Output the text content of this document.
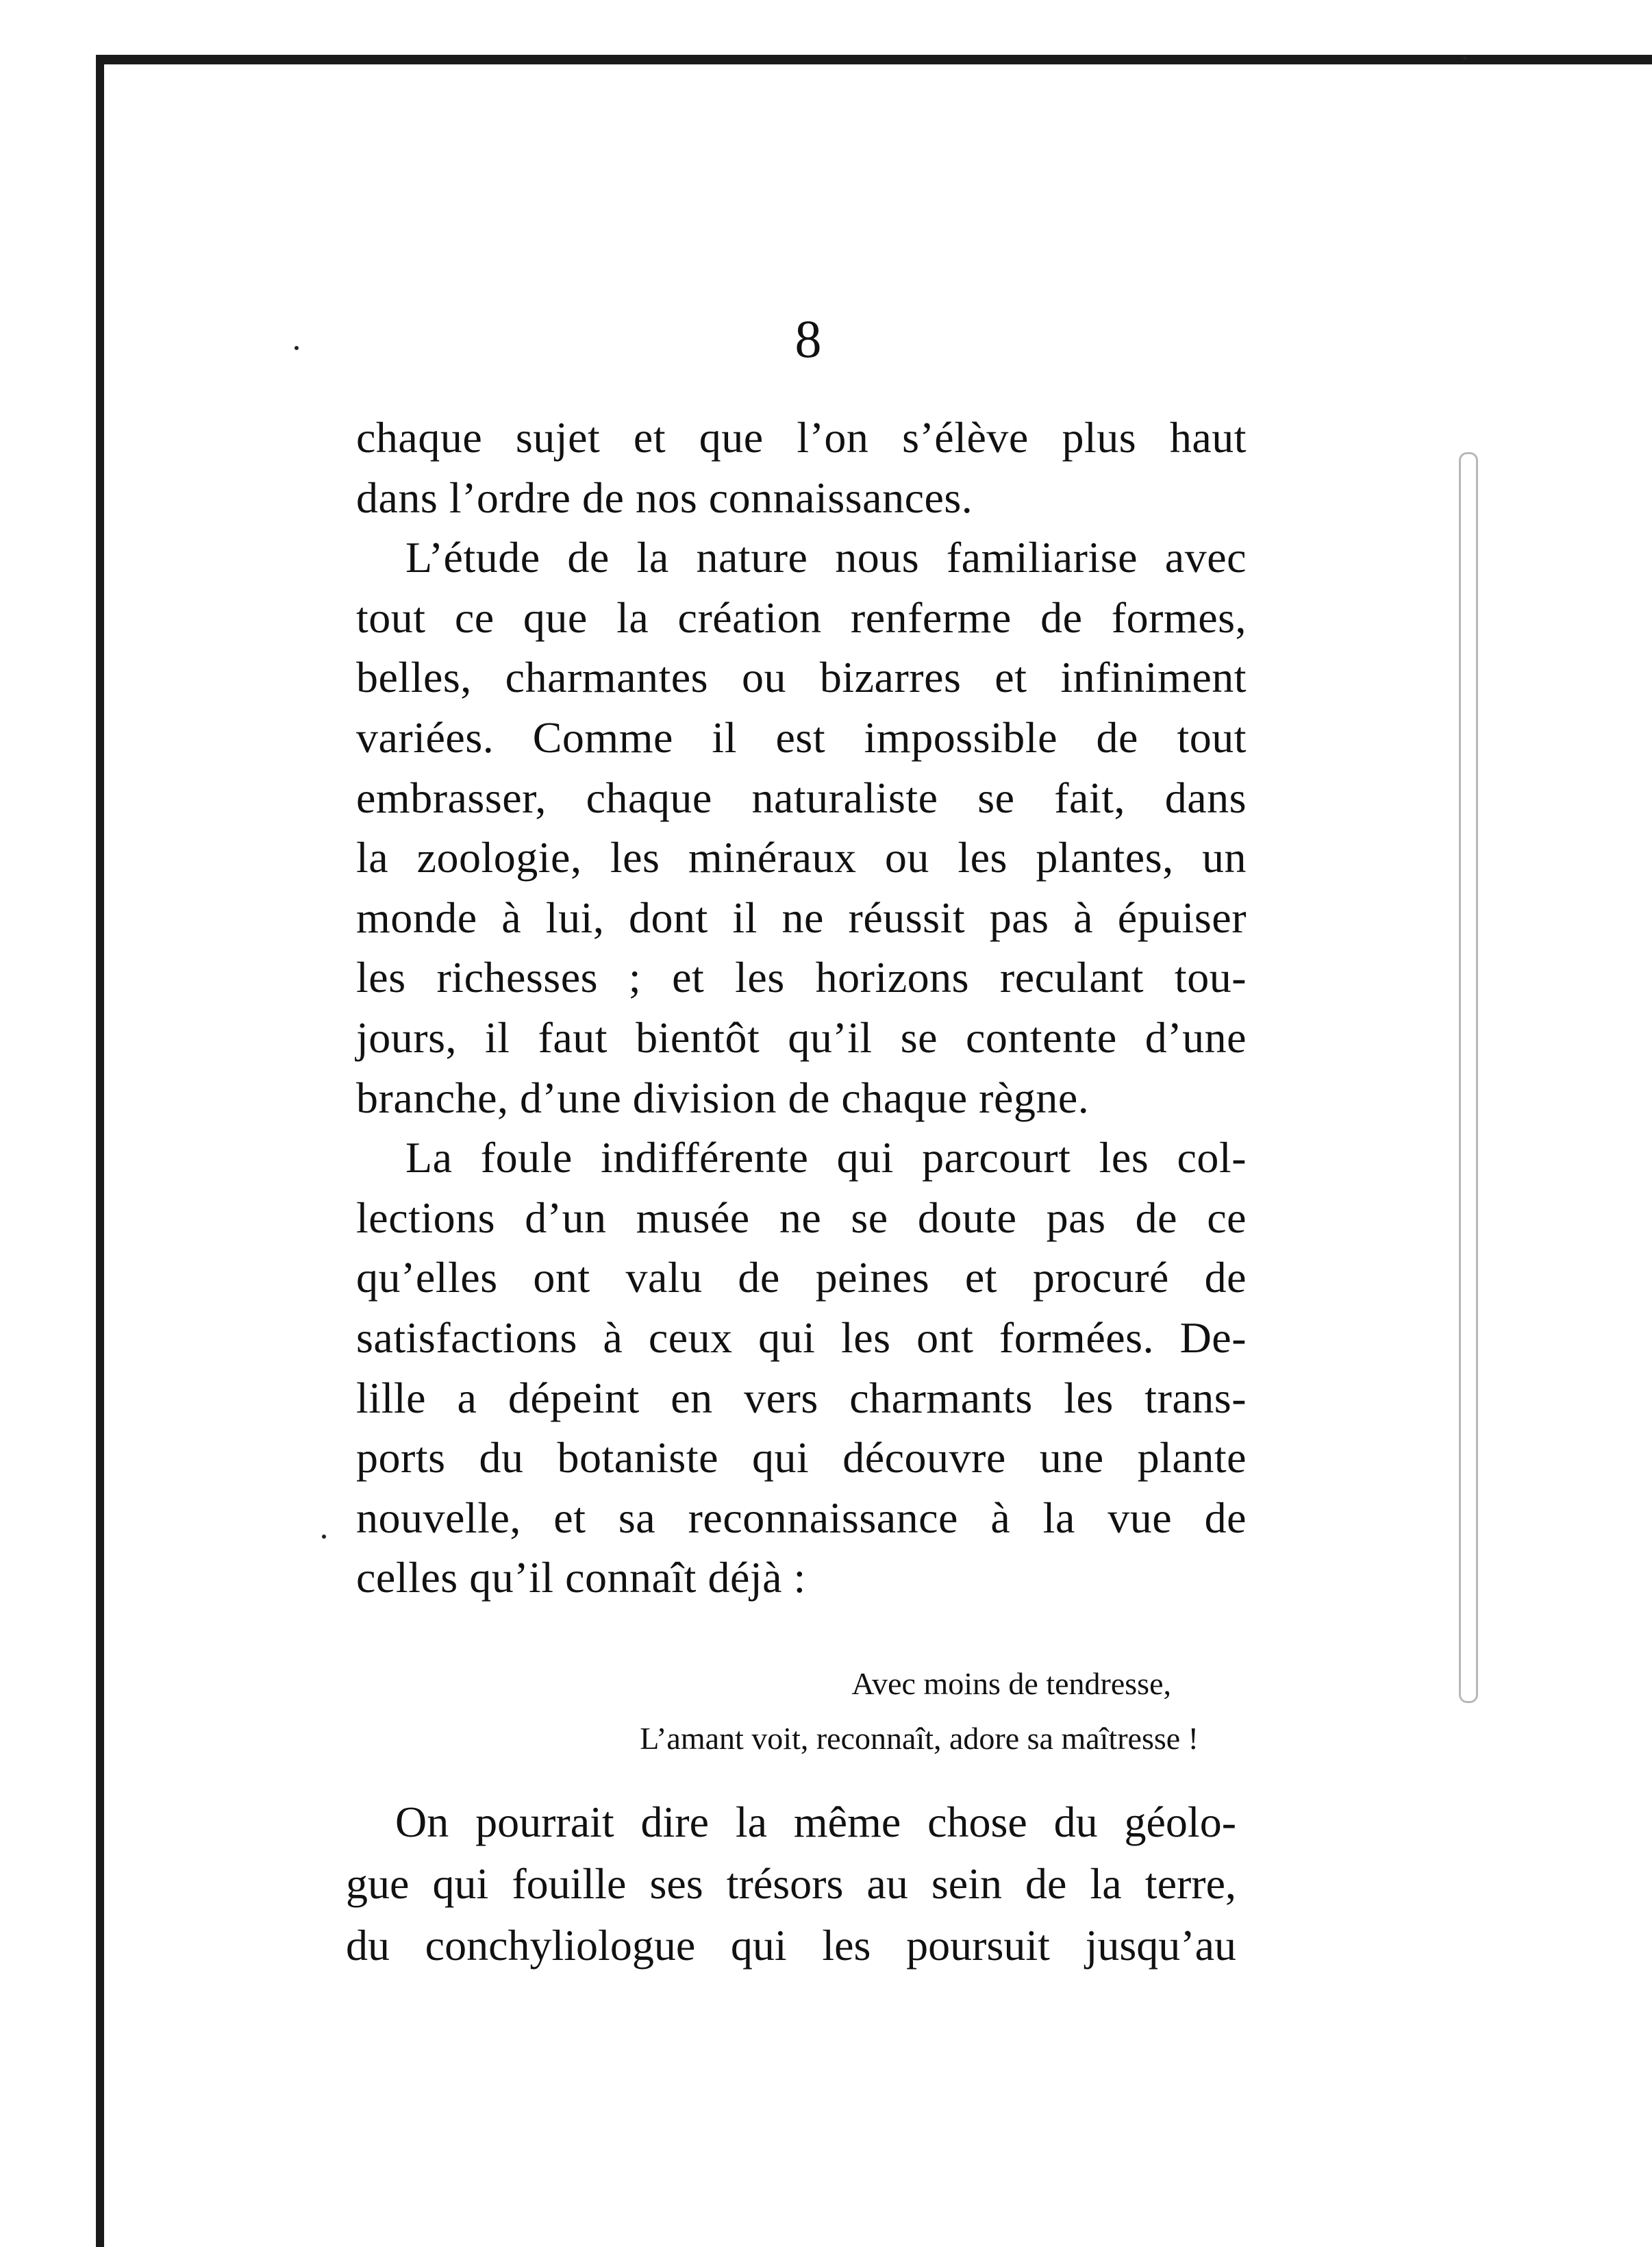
8
chaque sujet et que l’on s’élève plus haut
dans l’ordre de nos connaissances.
L’étude de la nature nous familiarise avec
tout ce que la création renferme de formes,
belles, charmantes ou bizarres et infiniment
variées. Comme il est impossible de tout
embrasser, chaque naturaliste se fait, dans
la zoologie, les minéraux ou les plantes, un
monde à lui, dont il ne réussit pas à épuiser
les richesses ; et les horizons reculant tou-
jours, il faut bientôt qu’il se contente d’une
branche, d’une division de chaque règne.
La foule indifférente qui parcourt les col-
lections d’un musée ne se doute pas de ce
qu’elles ont valu de peines et procuré de
satisfactions à ceux qui les ont formées. De-
lille a dépeint en vers charmants les trans-
ports du botaniste qui découvre une plante
nouvelle, et sa reconnaissance à la vue de
celles qu’il connaît déjà :
Avec moins de tendresse,
L’amant voit, reconnaît, adore sa maîtresse !
On pourrait dire la même chose du géolo-
gue qui fouille ses trésors au sein de la terre,
du conchyliologue qui les poursuit jusqu’au
